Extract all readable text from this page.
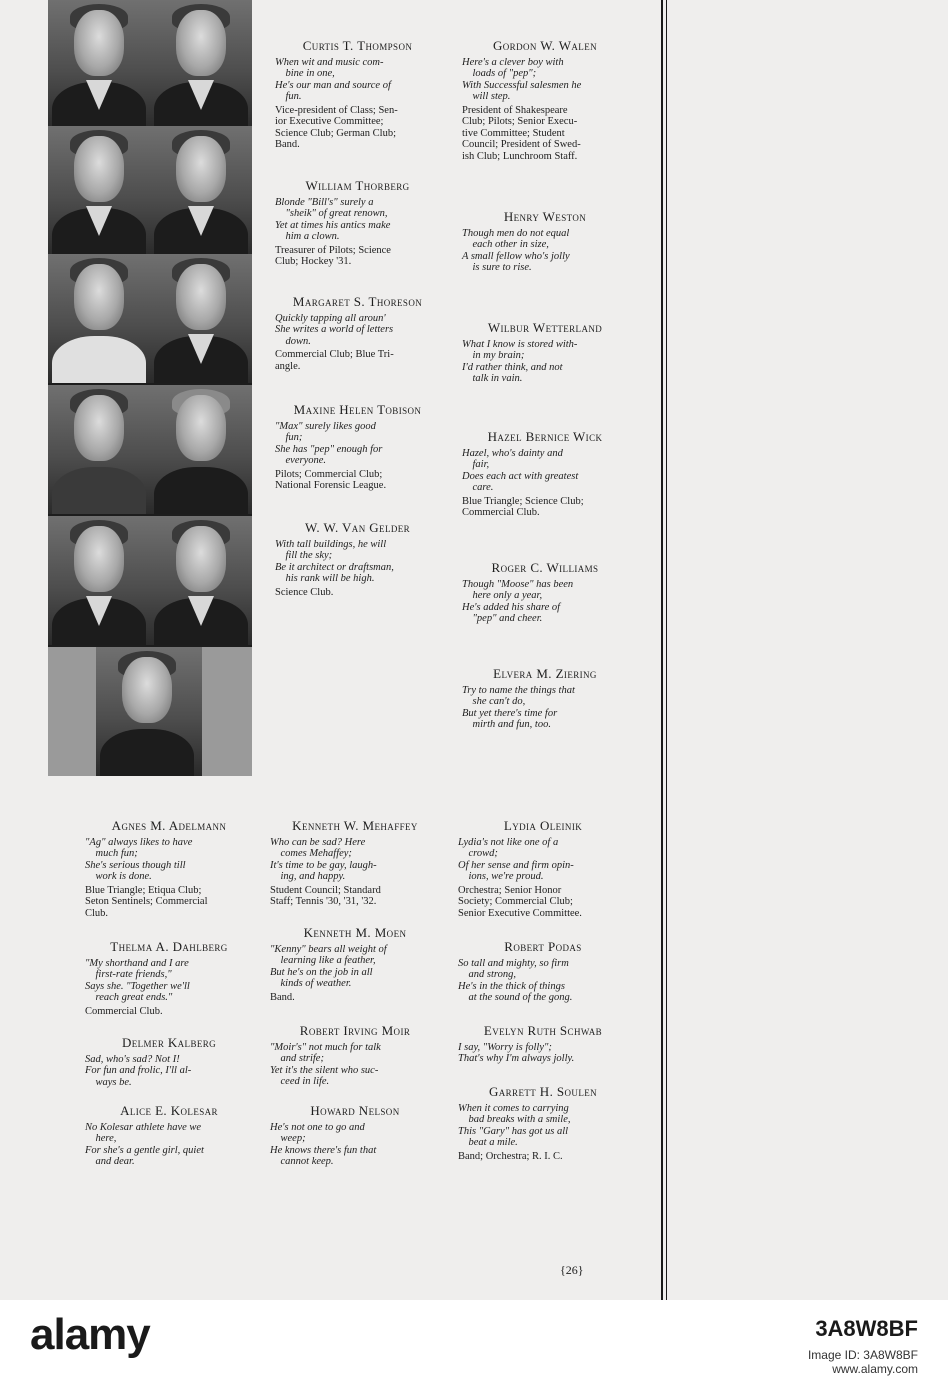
Curtis T. Thompson
When wit and music com-
bine in one,
He's our man and source of
fun.
Vice-president of Class; Sen-
ior Executive Committee;
Science Club; German Club;
Band.
William Thorberg
Blonde "Bill's" surely a
"sheik" of great renown,
Yet at times his antics make
him a clown.
Treasurer of Pilots; Science
Club; Hockey '31.
Margaret S. Thoreson
Quickly tapping all aroun'
She writes a world of letters
down.
Commercial Club; Blue Tri-
angle.
Maxine Helen Tobison
"Max" surely likes good
fun;
She has "pep" enough for
everyone.
Pilots; Commercial Club;
National Forensic League.
W. W. Van Gelder
With tall buildings, he will
fill the sky;
Be it architect or draftsman,
his rank will be high.
Science Club.
Gordon W. Walen
Here's a clever boy with
loads of "pep";
With Successful salesmen he
will step.
President of Shakespeare
Club; Pilots; Senior Execu-
tive Committee; Student
Council; President of Swed-
ish Club; Lunchroom Staff.
Henry Weston
Though men do not equal
each other in size,
A small fellow who's jolly
is sure to rise.
Wilbur Wetterland
What I know is stored with-
in my brain;
I'd rather think, and not
talk in vain.
Hazel Bernice Wick
Hazel, who's dainty and
fair,
Does each act with greatest
care.
Blue Triangle; Science Club;
Commercial Club.
Roger C. Williams
Though "Moose" has been
here only a year,
He's added his share of
"pep" and cheer.
Elvera M. Ziering
Try to name the things that
she can't do,
But yet there's time for
mirth and fun, too.
Agnes M. Adelmann
"Ag" always likes to have
much fun;
She's serious though till
work is done.
Blue Triangle; Etiqua Club;
Seton Sentinels; Commercial
Club.
Thelma A. Dahlberg
"My shorthand and I are
first-rate friends,"
Says she. "Together we'll
reach great ends."
Commercial Club.
Delmer Kalberg
Sad, who's sad? Not I!
For fun and frolic, I'll al-
ways be.
Alice E. Kolesar
No Kolesar athlete have we
here,
For she's a gentle girl, quiet
and dear.
Kenneth W. Mehaffey
Who can be sad? Here
comes Mehaffey;
It's time to be gay, laugh-
ing, and happy.
Student Council; Standard
Staff; Tennis '30, '31, '32.
Kenneth M. Moen
"Kenny" bears all weight of
learning like a feather,
But he's on the job in all
kinds of weather.
Band.
Robert Irving Moir
"Moir's" not much for talk
and strife;
Yet it's the silent who suc-
ceed in life.
Howard Nelson
He's not one to go and
weep;
He knows there's fun that
cannot keep.
Lydia Oleinik
Lydia's not like one of a
crowd;
Of her sense and firm opin-
ions, we're proud.
Orchestra; Senior Honor
Society; Commercial Club;
Senior Executive Committee.
Robert Podas
So tall and mighty, so firm
and strong,
He's in the thick of things
at the sound of the gong.
Evelyn Ruth Schwab
I say, "Worry is folly";
That's why I'm always jolly.
Garrett H. Soulen
When it comes to carrying
bad breaks with a smile,
This "Gary" has got us all
beat a mile.
Band; Orchestra; R. I. C.
{26}
alamy	3A8W8BF
Image ID: 3A8W8BF
www.alamy.com
